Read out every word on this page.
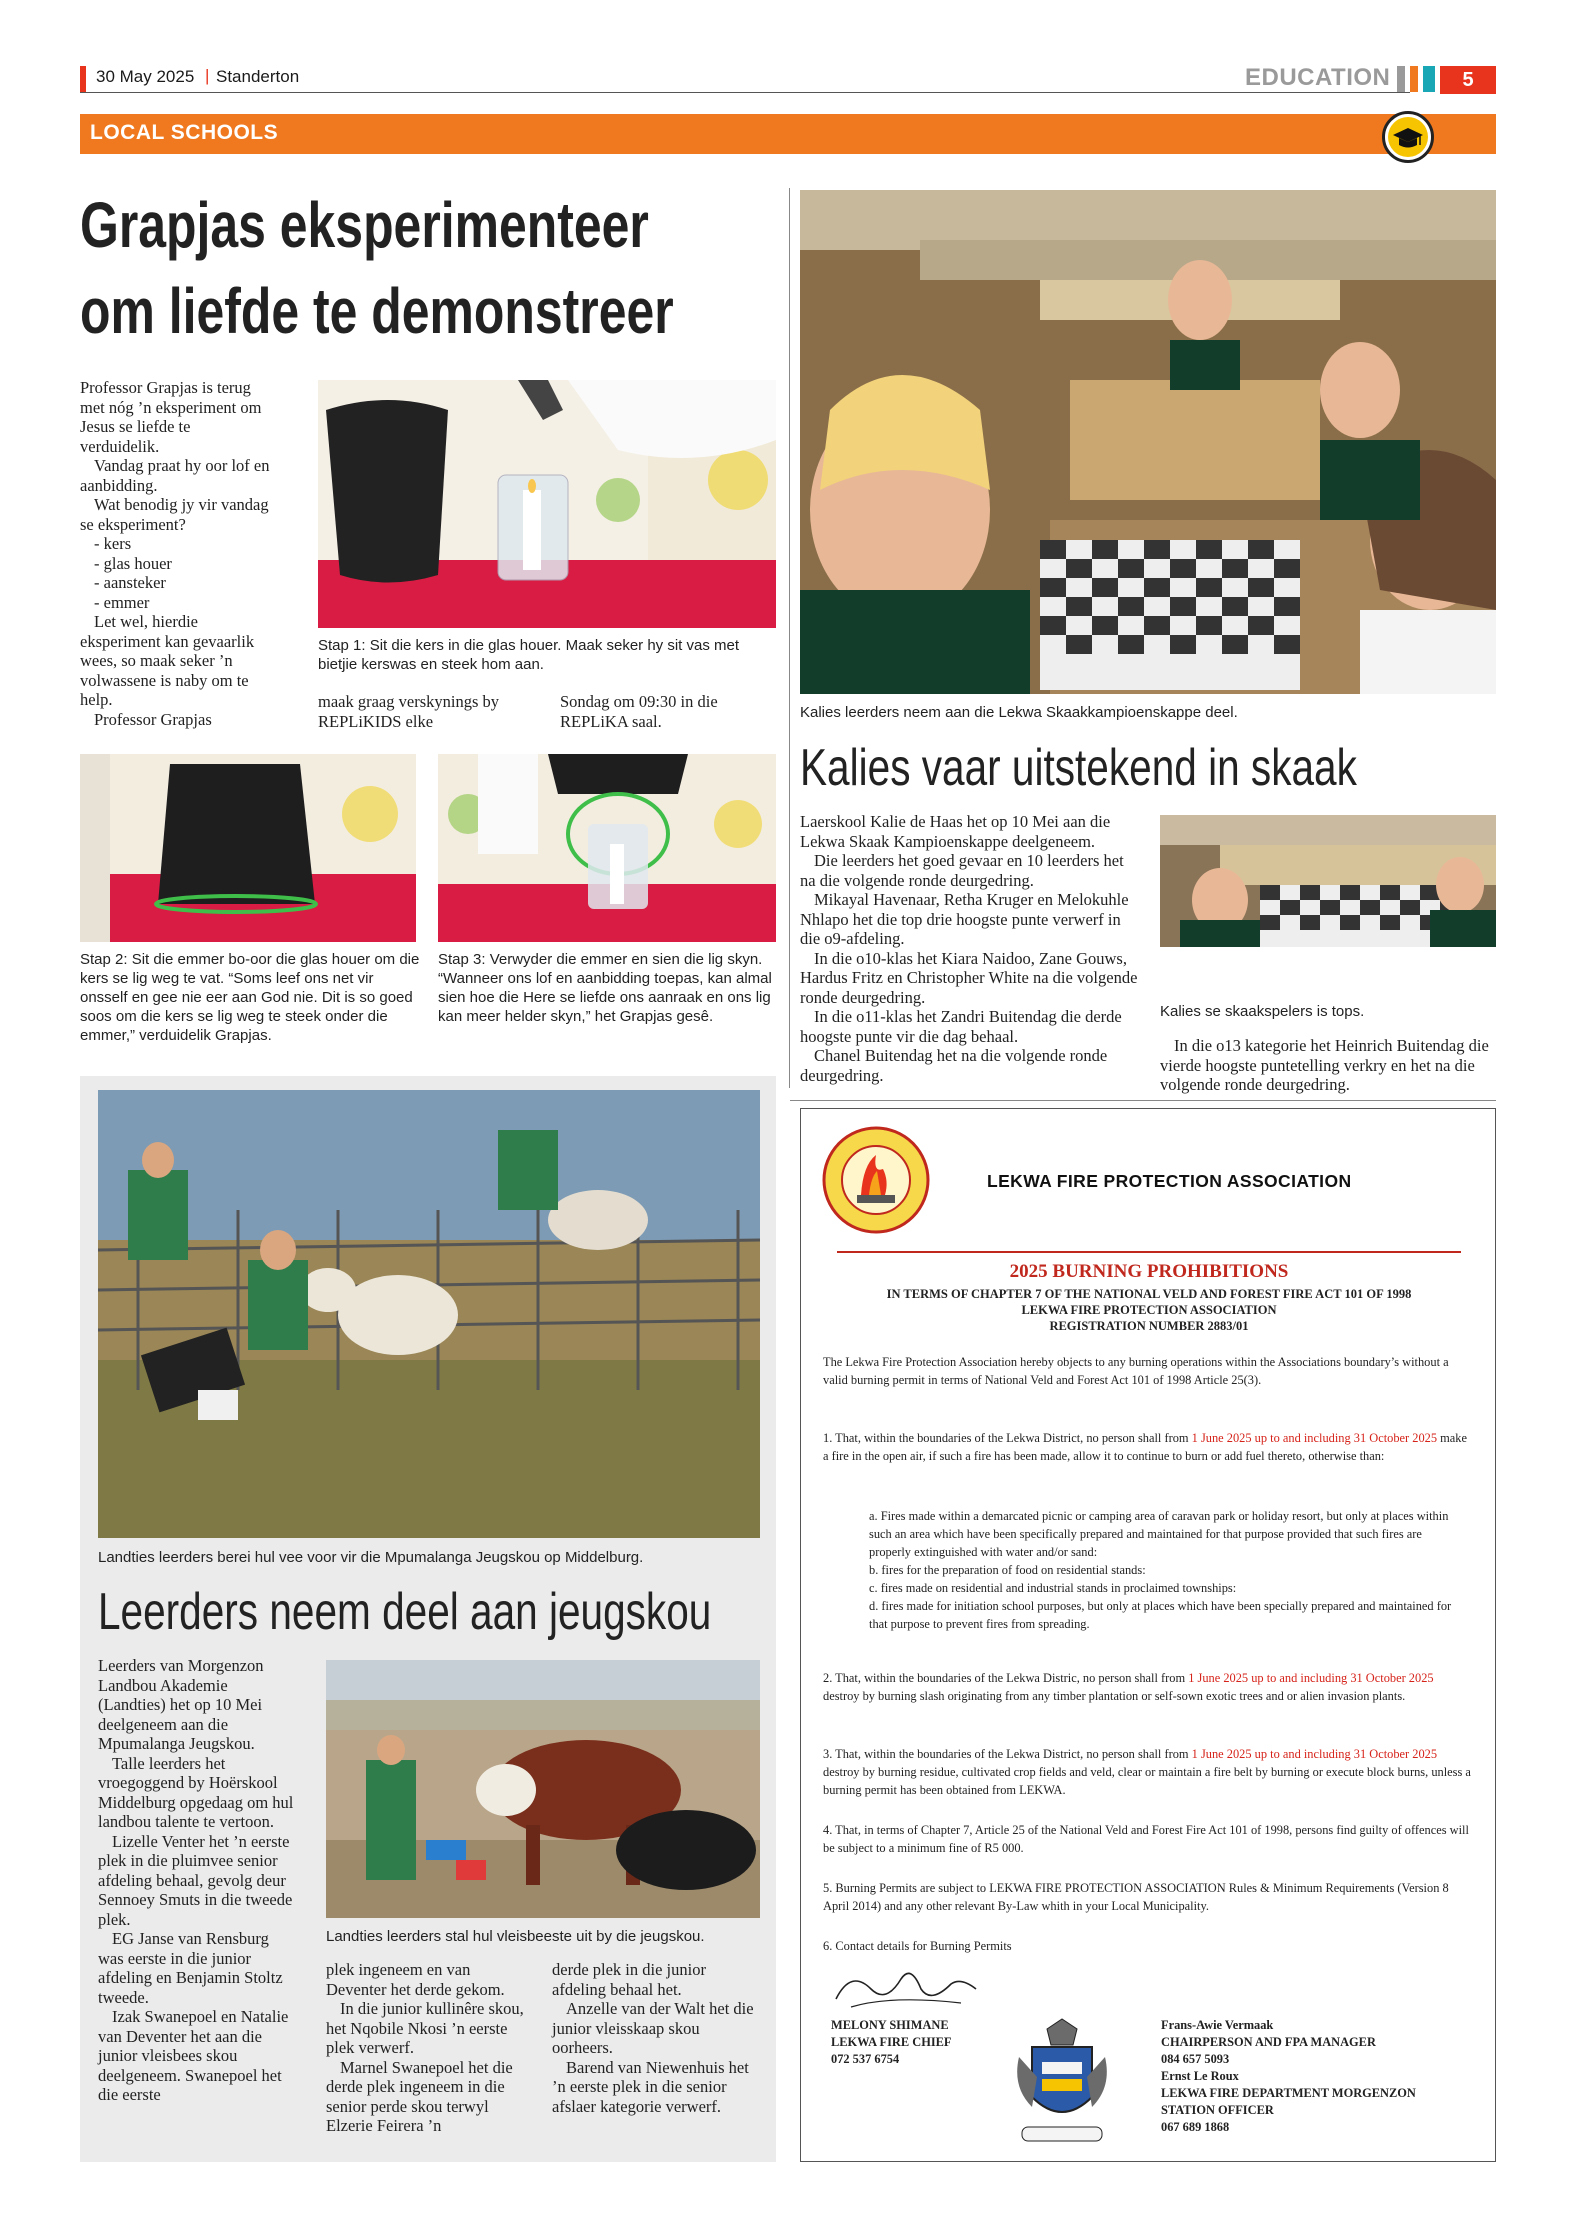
30 May 2025 | Standerton	EDUCATION	5
LOCAL SCHOOLS
Grapjas eksperimenteer
om liefde te demonstreer

Professor Grapjas is terug met nóg ’n eksperiment om Jesus se liefde te verduidelik.

Vandag praat hy oor lof en aanbidding.

Wat benodig jy vir vandag se eksperiment?

- kers

- glas houer

- aansteker

- emmer

Let wel, hierdie eksperiment kan gevaarlik wees, so maak seker ’n volwassene is naby om te help.

Professor Grapjas

Stap 1: Sit die kers in die glas houer. Maak seker hy sit vas met bietjie kerswas en steek hom aan.
maak graag verskynings by REPLiKIDS elke
Sondag om 09:30 in die REPLiKA saal.
Stap 2: Sit die emmer bo-oor die glas houer om die kers se lig weg te vat. “Soms leef ons net vir onsself en gee nie eer aan God nie. Dit is so goed soos om die kers se lig weg te steek onder die emmer,” verduidelik Grapjas.
Stap 3: Verwyder die emmer en sien die lig skyn. “Wanneer ons lof en aanbidding toepas, kan almal sien hoe die Here se liefde ons aanraak en ons lig kan meer helder skyn,” het Grapjas gesê.
Kalies leerders neem aan die Lekwa Skaakkampioenskappe deel.
Kalies vaar uitstekend in skaak

Laerskool Kalie de Haas het op 10 Mei aan die Lekwa Skaak Kampioenskappe deelgeneem.

Die leerders het goed gevaar en 10 leerders het na die volgende ronde deurgedring.

Mikayal Havenaar, Retha Kruger en Melokuhle Nhlapo het die top drie hoogste punte verwerf in die o9-afdeling.

In die o10-klas het Kiara Naidoo, Zane Gouws, Hardus Fritz en Christopher White na die volgende ronde deurgedring.

In die o11-klas het Zandri Buitendag die derde hoogste punte vir die dag behaal.

Chanel Buitendag het na die volgende ronde deurgedring.

Kalies se skaakspelers is tops.

In die o13 kategorie het Heinrich Buitendag die vierde hoogste puntetelling verkry en het na die volgende ronde deurgedring.

Landties leerders berei hul vee voor vir die Mpumalanga Jeugskou op Middelburg.
Leerders neem deel aan jeugskou

Leerders van Morgenzon Landbou Akademie (Landties) het op 10 Mei deelgeneem aan die Mpumalanga Jeugskou.

Talle leerders het vroegoggend by Hoërskool Middelburg opgedaag om hul landbou talente te vertoon.

Lizelle Venter het ’n eerste plek in die pluimvee senior afdeling behaal, gevolg deur Sennoey Smuts in die tweede plek.

EG Janse van Rensburg was eerste in die junior afdeling en Benjamin Stoltz tweede.

Izak Swanepoel en Natalie van Deventer het aan die junior vleisbees skou deelgeneem. Swanepoel het die eerste

Landties leerders stal hul vleisbeeste uit by die jeugskou.

plek ingeneem en van Deventer het derde gekom.

In die junior kullinêre skou, het Nqobile Nkosi ’n eerste plek verwerf.

Marnel Swanepoel het die derde plek ingeneem in die senior perde skou terwyl Elzerie Feirera ’n

derde plek in die junior afdeling behaal het.

Anzelle van der Walt het die junior vleisskaap skou oorheers.

Barend van Niewenhuis het ’n eerste plek in die senior afslaer kategorie verwerf.

LEKWA FIRE PROTECTION ASSOCIATION
2025 BURNING PROHIBITIONS
IN TERMS OF CHAPTER 7 OF THE NATIONAL VELD AND FOREST FIRE ACT 101 OF 1998
LEKWA FIRE PROTECTION ASSOCIATION
REGISTRATION NUMBER 2883/01
The Lekwa Fire Protection Association hereby objects to any burning operations within the Associations boundary’s without a valid burning permit in terms of National Veld and Forest Act 101 of 1998 Article 25(3).
1. That, within the boundaries of the Lekwa District, no person shall from 1 June 2025 up to and including 31 October 2025 make a fire in the open air, if such a fire has been made, allow it to continue to burn or add fuel thereto, otherwise than:
a. Fires made within a demarcated picnic or camping area of caravan park or holiday resort, but only at places within such an area which have been specifically prepared and maintained for that purpose provided that such fires are properly extinguished with water and/or sand:
b. fires for the preparation of food on residential stands:
c. fires made on residential and industrial stands in proclaimed townships:
d. fires made for initiation school purposes, but only at places which have been specially prepared and maintained for that purpose to prevent fires from spreading.
2. That, within the boundaries of the Lekwa Distric, no person shall from 1 June 2025 up to and including 31 October 2025 destroy by burning slash originating from any timber plantation or self-sown exotic trees and or alien invasion plants.
3. That, within the boundaries of the Lekwa District, no person shall from 1 June 2025 up to and including 31 October 2025 destroy by burning residue, cultivated crop fields and veld, clear or maintain a fire belt by burning or execute block burns, unless a burning permit has been obtained from LEKWA.
4. That, in terms of Chapter 7, Article 25 of the National Veld and Forest Fire Act 101 of 1998, persons find guilty of offences will be subject to a minimum fine of R5 000.
5. Burning Permits are subject to LEKWA FIRE PROTECTION ASSOCIATION Rules & Minimum Requirements (Version 8 April 2014) and any other relevant By-Law whith in your Local Municipality.
6. Contact details for Burning Permits
MELONY SHIMANE
LEKWA FIRE CHIEF
072 537 6754
Frans-Awie Vermaak
CHAIRPERSON AND FPA MANAGER
084 657 5093
Ernst Le Roux
LEKWA FIRE DEPARTMENT MORGENZON
STATION OFFICER
067 689 1868
